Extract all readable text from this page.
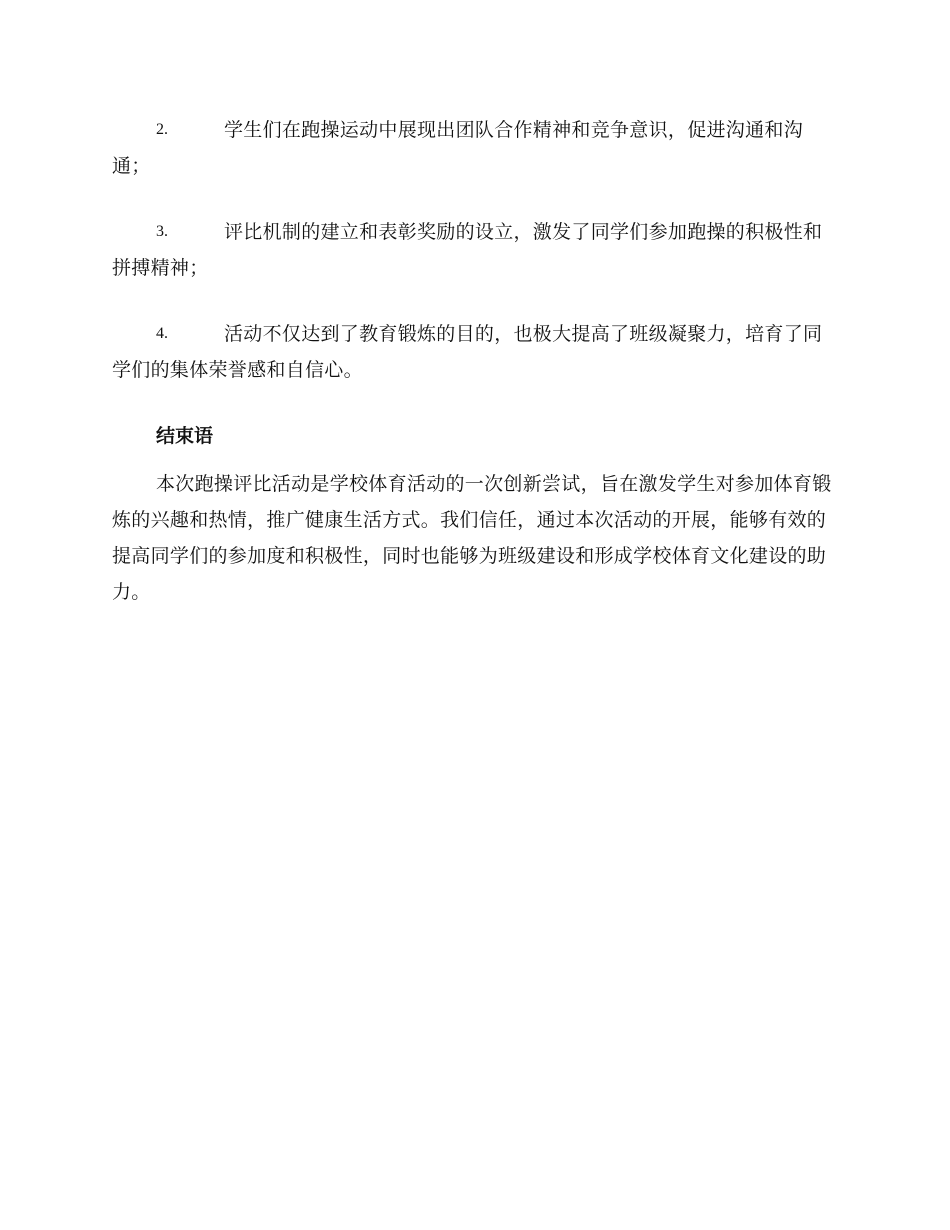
2.	学生们在跑操运动中展现出团队合作精神和竞争意识，促进沟通和沟通；
3.	评比机制的建立和表彰奖励的设立，激发了同学们参加跑操的积极性和拼搏精神；
4.	活动不仅达到了教育锻炼的目的，也极大提高了班级凝聚力，培育了同学们的集体荣誉感和自信心。
结束语

本次跑操评比活动是学校体育活动的一次创新尝试，旨在激发学生对参加体育锻炼的兴趣和热情，推广健康生活方式。我们信任，通过本次活动的开展，能够有效的提高同学们的参加度和积极性，同时也能够为班级建设和形成学校体育文化建设的助力。
